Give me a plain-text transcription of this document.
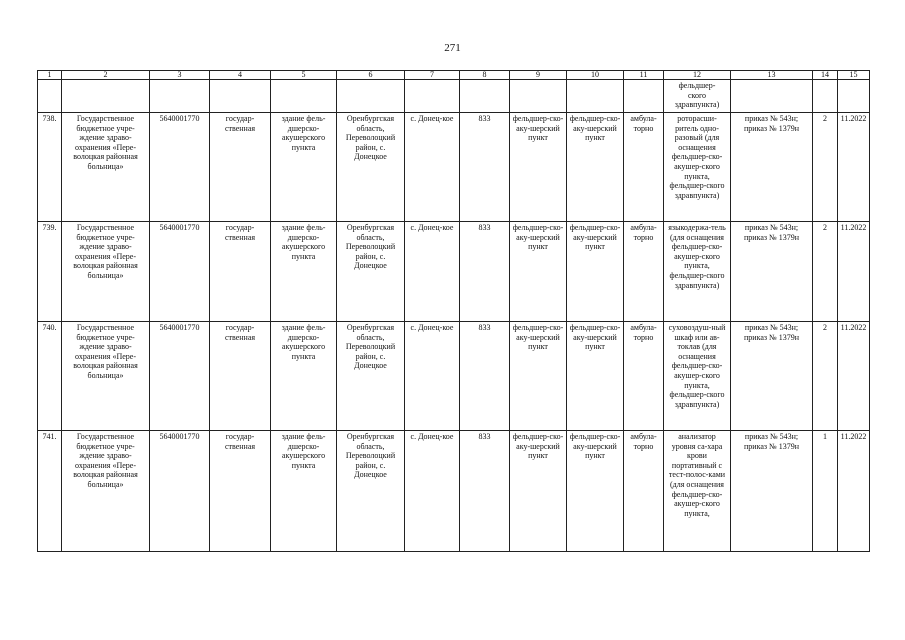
271
1	2	3	4	5	6	7	8	9	10	11	12	13	14	15
											фельдшер-
ского
здравпункта)			
738.	Государственное бюджетное учре-ждение здраво-охранения «Пере-волоцкая районная больница»	5640001770	государ-ственная	здание фель-дшерско-акушерского пункта	Оренбургская область, Переволоцкий район, с. Донецкое	с. Донец-кое	833	фельдшер-ско-аку-шерский пункт	фельдшер-ско-аку-шерский пункт	амбула-торно	роторасши-ритель одно-разовый (для оснащения фельдшер-ско-акушер-ского пункта, фельдшер-ского здравпункта)	приказ № 543н; приказ № 1379н	2	11.2022
739.	Государственное бюджетное учре-ждение здраво-охранения «Пере-волоцкая районная больница»	5640001770	государ-ственная	здание фель-дшерско-акушерского пункта	Оренбургская область, Переволоцкий район, с. Донецкое	с. Донец-кое	833	фельдшер-ско-аку-шерский пункт	фельдшер-ско-аку-шерский пункт	амбула-торно	языкодержа-тель (для оснащения фельдшер-ско-акушер-ского пункта, фельдшер-ского здравпункта)	приказ № 543н; приказ № 1379н	2	11.2022
740.	Государственное бюджетное учре-ждение здраво-охранения «Пере-волоцкая районная больница»	5640001770	государ-ственная	здание фель-дшерско-акушерского пункта	Оренбургская область, Переволоцкий район, с. Донецкое	с. Донец-кое	833	фельдшер-ско-аку-шерский пункт	фельдшер-ско-аку-шерский пункт	амбула-торно	суховоздуш-ный шкаф или ав-токлав (для оснащения фельдшер-ско-акушер-ского пункта, фельдшер-ского здравпункта)	приказ № 543н; приказ № 1379н	2	11.2022
741.	Государственное бюджетное учре-ждение здраво-охранения «Пере-волоцкая районная больница»	5640001770	государ-ственная	здание фель-дшерско-акушерского пункта	Оренбургская область, Переволоцкий район, с. Донецкое	с. Донец-кое	833	фельдшер-ско-аку-шерский пункт	фельдшер-ско-аку-шерский пункт	амбула-торно	анализатор уровня са-хара крови портативный с тест-полос-ками (для оснащения фельдшер-ско-акушер-ского пункта,	приказ № 543н; приказ № 1379н	1	11.2022
